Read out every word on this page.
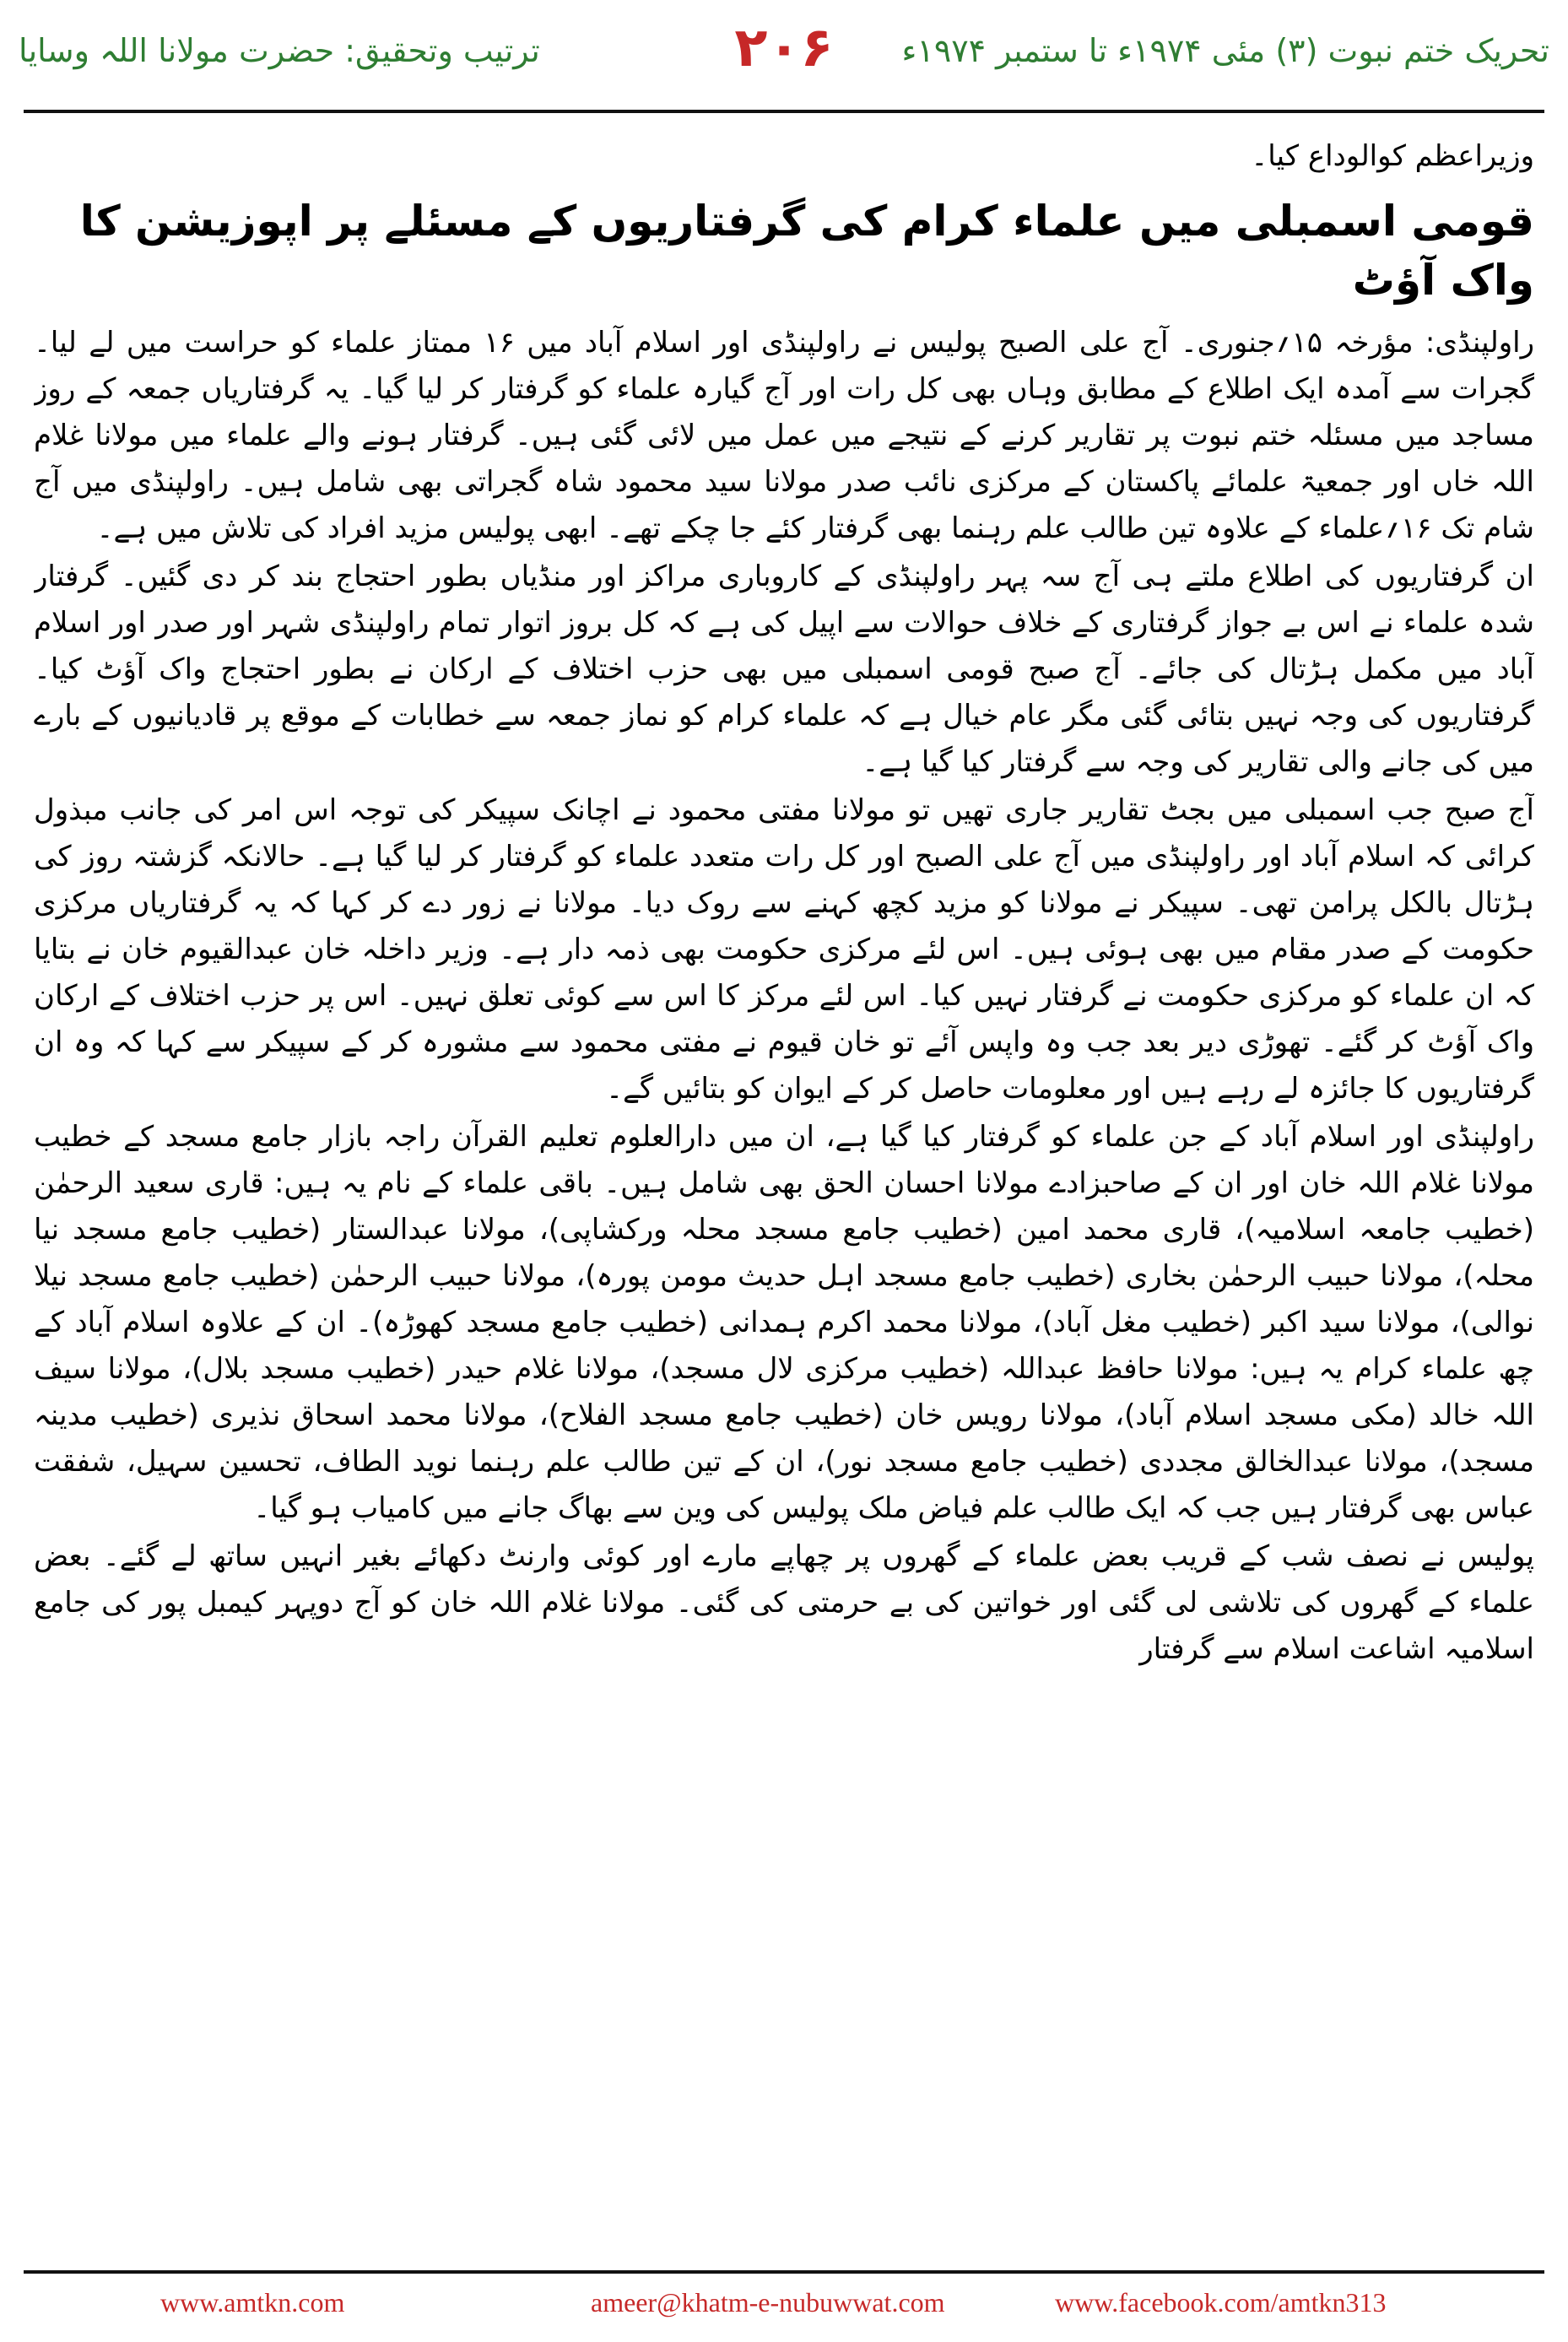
ترتیب وتحقیق: حضرت مولانا اللہ وسایا	۲۰۶	تحریک ختم نبوت (۳) مئی ۱۹۷۴ء تا ستمبر ۱۹۷۴ء

وزیراعظم کوالوداع کیا۔

قومی اسمبلی میں علماء کرام کی گرفتاریوں کے مسئلے پر اپوزیشن کا واک آؤٹ

راولپنڈی: مؤرخہ ۱۵؍جنوری۔ آج علی الصبح پولیس نے راولپنڈی اور اسلام آباد میں ۱۶ ممتاز علماء کو حراست میں لے لیا۔ گجرات سے آمدہ ایک اطلاع کے مطابق وہاں بھی کل رات اور آج گیارہ علماء کو گرفتار کر لیا گیا۔ یہ گرفتاریاں جمعہ کے روز مساجد میں مسئلہ ختم نبوت پر تقاریر کرنے کے نتیجے میں عمل میں لائی گئی ہیں۔ گرفتار ہونے والے علماء میں مولانا غلام اللہ خاں اور جمعیۃ علمائے پاکستان کے مرکزی نائب صدر مولانا سید محمود شاہ گجراتی بھی شامل ہیں۔ راولپنڈی میں آج شام تک ۱۶؍علماء کے علاوہ تین طالب علم رہنما بھی گرفتار کئے جا چکے تھے۔ ابھی پولیس مزید افراد کی تلاش میں ہے۔

ان گرفتاریوں کی اطلاع ملتے ہی آج سہ پہر راولپنڈی کے کاروباری مراکز اور منڈیاں بطور احتجاج بند کر دی گئیں۔ گرفتار شدہ علماء نے اس بے جواز گرفتاری کے خلاف حوالات سے اپیل کی ہے کہ کل بروز اتوار تمام راولپنڈی شہر اور صدر اور اسلام آباد میں مکمل ہڑتال کی جائے۔ آج صبح قومی اسمبلی میں بھی حزب اختلاف کے ارکان نے بطور احتجاج واک آؤٹ کیا۔ گرفتاریوں کی وجہ نہیں بتائی گئی مگر عام خیال ہے کہ علماء کرام کو نماز جمعہ سے خطابات کے موقع پر قادیانیوں کے بارے میں کی جانے والی تقاریر کی وجہ سے گرفتار کیا گیا ہے۔

آج صبح جب اسمبلی میں بجٹ تقاریر جاری تھیں تو مولانا مفتی محمود نے اچانک سپیکر کی توجہ اس امر کی جانب مبذول کرائی کہ اسلام آباد اور راولپنڈی میں آج علی الصبح اور کل رات متعدد علماء کو گرفتار کر لیا گیا ہے۔ حالانکہ گزشتہ روز کی ہڑتال بالکل پرامن تھی۔ سپیکر نے مولانا کو مزید کچھ کہنے سے روک دیا۔ مولانا نے زور دے کر کہا کہ یہ گرفتاریاں مرکزی حکومت کے صدر مقام میں بھی ہوئی ہیں۔ اس لئے مرکزی حکومت بھی ذمہ دار ہے۔ وزیر داخلہ خان عبدالقیوم خان نے بتایا کہ ان علماء کو مرکزی حکومت نے گرفتار نہیں کیا۔ اس لئے مرکز کا اس سے کوئی تعلق نہیں۔ اس پر حزب اختلاف کے ارکان واک آؤٹ کر گئے۔ تھوڑی دیر بعد جب وہ واپس آئے تو خان قیوم نے مفتی محمود سے مشورہ کر کے سپیکر سے کہا کہ وہ ان گرفتاریوں کا جائزہ لے رہے ہیں اور معلومات حاصل کر کے ایوان کو بتائیں گے۔

راولپنڈی اور اسلام آباد کے جن علماء کو گرفتار کیا گیا ہے، ان میں دارالعلوم تعلیم القرآن راجہ بازار جامع مسجد کے خطیب مولانا غلام اللہ خان اور ان کے صاحبزادے مولانا احسان الحق بھی شامل ہیں۔ باقی علماء کے نام یہ ہیں: قاری سعید الرحمٰن (خطیب جامعہ اسلامیہ)، قاری محمد امین (خطیب جامع مسجد محلہ ورکشاپی)، مولانا عبدالستار (خطیب جامع مسجد نیا محلہ)، مولانا حبیب الرحمٰن بخاری (خطیب جامع مسجد اہل حدیث مومن پورہ)، مولانا حبیب الرحمٰن (خطیب جامع مسجد نیلا نوالی)، مولانا سید اکبر (خطیب مغل آباد)، مولانا محمد اکرم ہمدانی (خطیب جامع مسجد کھوڑہ)۔ ان کے علاوہ اسلام آباد کے چھ علماء کرام یہ ہیں: مولانا حافظ عبداللہ (خطیب مرکزی لال مسجد)، مولانا غلام حیدر (خطیب مسجد بلال)، مولانا سیف اللہ خالد (مکی مسجد اسلام آباد)، مولانا رویس خان (خطیب جامع مسجد الفلاح)، مولانا محمد اسحاق نذیری (خطیب مدینہ مسجد)، مولانا عبدالخالق مجددی (خطیب جامع مسجد نور)، ان کے تین طالب علم رہنما نوید الطاف، تحسین سہیل، شفقت عباس بھی گرفتار ہیں جب کہ ایک طالب علم فیاض ملک پولیس کی وین سے بھاگ جانے میں کامیاب ہو گیا۔

پولیس نے نصف شب کے قریب بعض علماء کے گھروں پر چھاپے مارے اور کوئی وارنٹ دکھائے بغیر انہیں ساتھ لے گئے۔ بعض علماء کے گھروں کی تلاشی لی گئی اور خواتین کی بے حرمتی کی گئی۔ مولانا غلام اللہ خان کو آج دوپہر کیمبل پور کی جامع اسلامیہ اشاعت اسلام سے گرفتار

www.amtkn.com	ameer@khatm-e-nubuwwat.com	www.facebook.com/amtkn313
